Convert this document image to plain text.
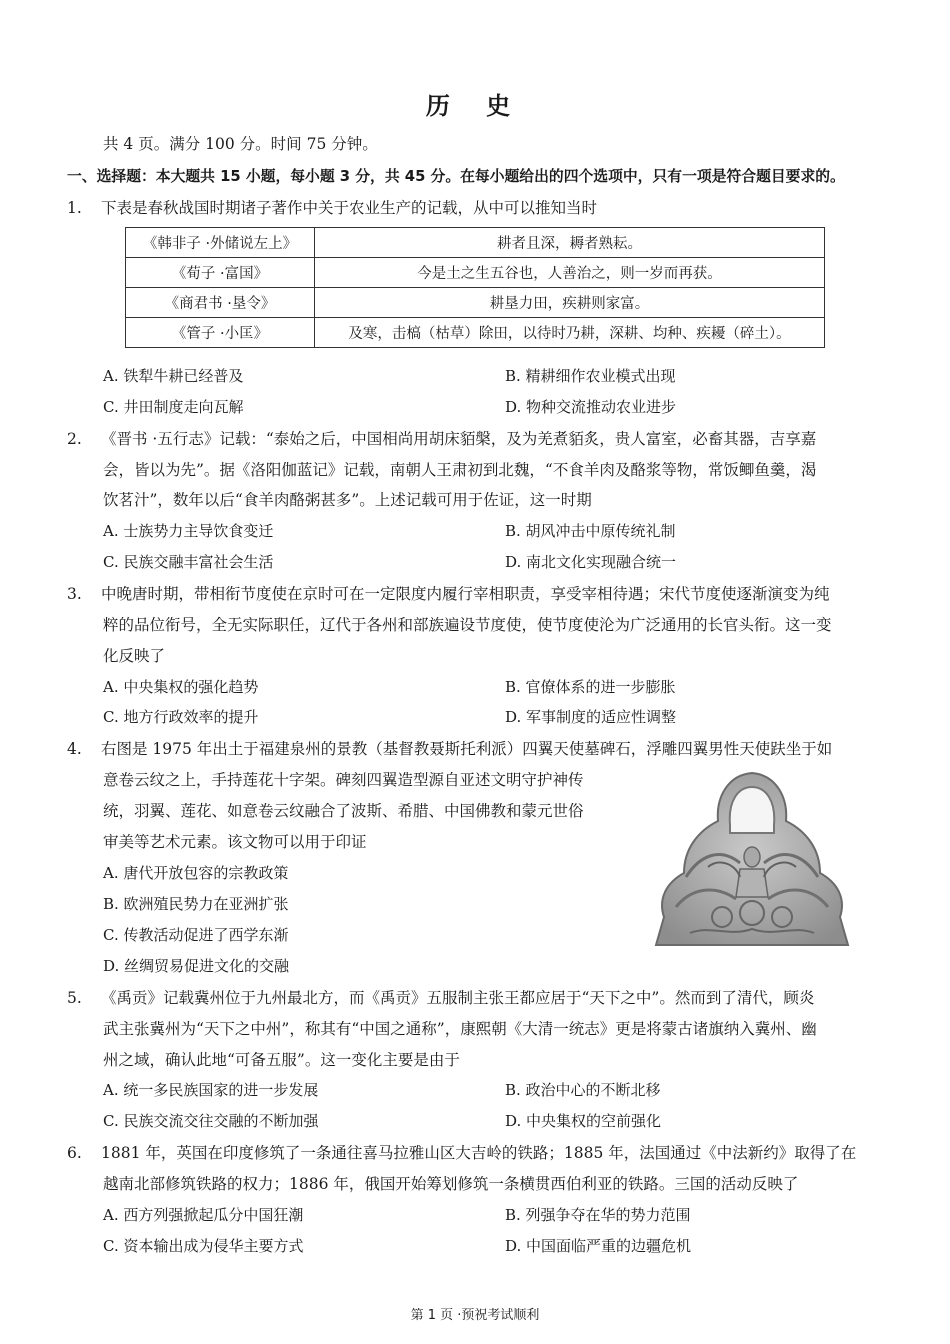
历 史
共 4 页。满分 100 分。时间 75 分钟。
一、选择题：本大题共 15 小题，每小题 3 分，共 45 分。在每小题给出的四个选项中，只有一项是符合题目要求的。
1. 下表是春秋战国时期诸子著作中关于农业生产的记载，从中可以推知当时
《韩非子 ·外储说左上》	耕者且深，耨者熟耘。
《荀子 ·富国》	今是土之生五谷也，人善治之，则一岁而再获。
《商君书 ·垦令》	耕垦力田，疾耕则家富。
《管子 ·小匡》	及寒，击槁（枯草）除田，以待时乃耕，深耕、均种、疾耰（碎土）。
A. 铁犁牛耕已经普及	B. 精耕细作农业模式出现
C. 井田制度走向瓦解	D. 物种交流推动农业进步
2. 《晋书 ·五行志》记载：“泰始之后，中国相尚用胡床貊槃，及为羌煮貊炙，贵人富室，必畜其器，吉享嘉
会，皆以为先”。据《洛阳伽蓝记》记载，南朝人王肃初到北魏，“不食羊肉及酪浆等物，常饭鲫鱼羹，渴
饮茗汁”，数年以后“食羊肉酪粥甚多”。上述记载可用于佐证，这一时期
A. 士族势力主导饮食变迁	B. 胡风冲击中原传统礼制
C. 民族交融丰富社会生活	D. 南北文化实现融合统一
3. 中晚唐时期，带相衔节度使在京时可在一定限度内履行宰相职责，享受宰相待遇；宋代节度使逐渐演变为纯
粹的品位衔号，全无实际职任，辽代于各州和部族遍设节度使，使节度使沦为广泛通用的长官头衔。这一变
化反映了
A. 中央集权的强化趋势	B. 官僚体系的进一步膨胀
C. 地方行政效率的提升	D. 军事制度的适应性调整
4. 右图是 1975 年出土于福建泉州的景教（基督教聂斯托利派）四翼天使墓碑石，浮雕四翼男性天使趺坐于如
意卷云纹之上，手持莲花十字架。碑刻四翼造型源自亚述文明守护神传
统，羽翼、莲花、如意卷云纹融合了波斯、希腊、中国佛教和蒙元世俗
审美等艺术元素。该文物可以用于印证
A. 唐代开放包容的宗教政策
B. 欧洲殖民势力在亚洲扩张
C. 传教活动促进了西学东渐
D. 丝绸贸易促进文化的交融
5. 《禹贡》记载冀州位于九州最北方，而《禹贡》五服制主张王都应居于“天下之中”。然而到了清代，顾炎
武主张冀州为“天下之中州”，称其有“中国之通称”，康熙朝《大清一统志》更是将蒙古诸旗纳入冀州、幽
州之域，确认此地“可备五服”。这一变化主要是由于
A. 统一多民族国家的进一步发展	B. 政治中心的不断北移
C. 民族交流交往交融的不断加强	D. 中央集权的空前强化
6. 1881 年，英国在印度修筑了一条通往喜马拉雅山区大吉岭的铁路；1885 年，法国通过《中法新约》取得了在
越南北部修筑铁路的权力；1886 年，俄国开始筹划修筑一条横贯西伯利亚的铁路。三国的活动反映了
A. 西方列强掀起瓜分中国狂潮	B. 列强争夺在华的势力范围
C. 资本输出成为侵华主要方式	D. 中国面临严重的边疆危机
第 1 页 ·预祝考试顺利
